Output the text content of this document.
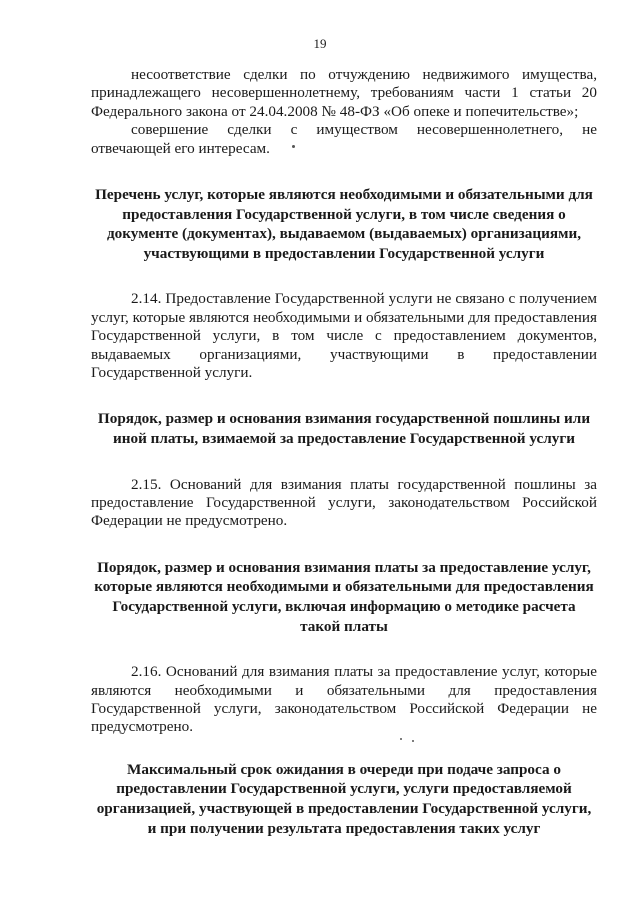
19

несоответствие сделки по отчуждению недвижимого имущества, принадлежащего несовершеннолетнему, требованиям части 1 статьи 20 Федерального закона от 24.04.2008 № 48-ФЗ «Об опеке и попечительстве»;

совершение сделки с имуществом несовершеннолетнего, не отвечающей его интересам.

Перечень услуг, которые являются необходимыми и обязательными для предоставления Государственной услуги, в том числе сведения о документе (документах), выдаваемом (выдаваемых) организациями, участвующими в предоставлении Государственной услуги

2.14. Предоставление Государственной услуги не связано с получением услуг, которые являются необходимыми и обязательными для предоставления Государственной услуги, в том числе с предоставлением документов, выдаваемых организациями, участвующими в предоставлении Государственной услуги.

Порядок, размер и основания взимания государственной пошлины или иной платы, взимаемой за предоставление Государственной услуги

2.15. Оснований для взимания платы государственной пошлины за предоставление Государственной услуги, законодательством Российской Федерации не предусмотрено.

Порядок, размер и основания взимания платы за предоставление услуг, которые являются необходимыми и обязательными для предоставления Государственной услуги, включая информацию о методике расчета такой платы

2.16. Оснований для взимания платы за предоставление услуг, которые являются необходимыми и обязательными для предоставления Государственной услуги, законодательством Российской Федерации не предусмотрено.

Максимальный срок ожидания в очереди при подаче запроса о предоставлении Государственной услуги, услуги предоставляемой организацией, участвующей в предоставлении Государственной услуги, и при получении результата предоставления таких услуг
